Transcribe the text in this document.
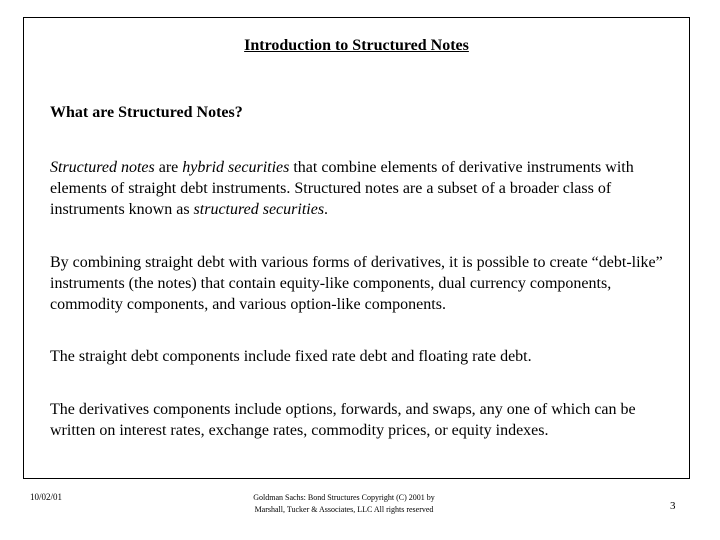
Introduction to Structured Notes

What are Structured Notes?

Structured notes are hybrid securities that combine elements of derivative instruments with elements of straight debt instruments. Structured notes are a subset of a broader class of instruments known as structured securities.

By combining straight debt with various forms of derivatives, it is possible to create “debt-like” instruments (the notes) that contain equity-like components, dual currency components, commodity components, and various option-like components.

The straight debt components include fixed rate debt and floating rate debt.

The derivatives components include options, forwards, and swaps, any one of which can be written on interest rates, exchange rates, commodity prices, or equity indexes.

10/02/01	Goldman Sachs: Bond Structures Copyright (C) 2001 by Marshall, Tucker & Associates, LLC All rights reserved	3
